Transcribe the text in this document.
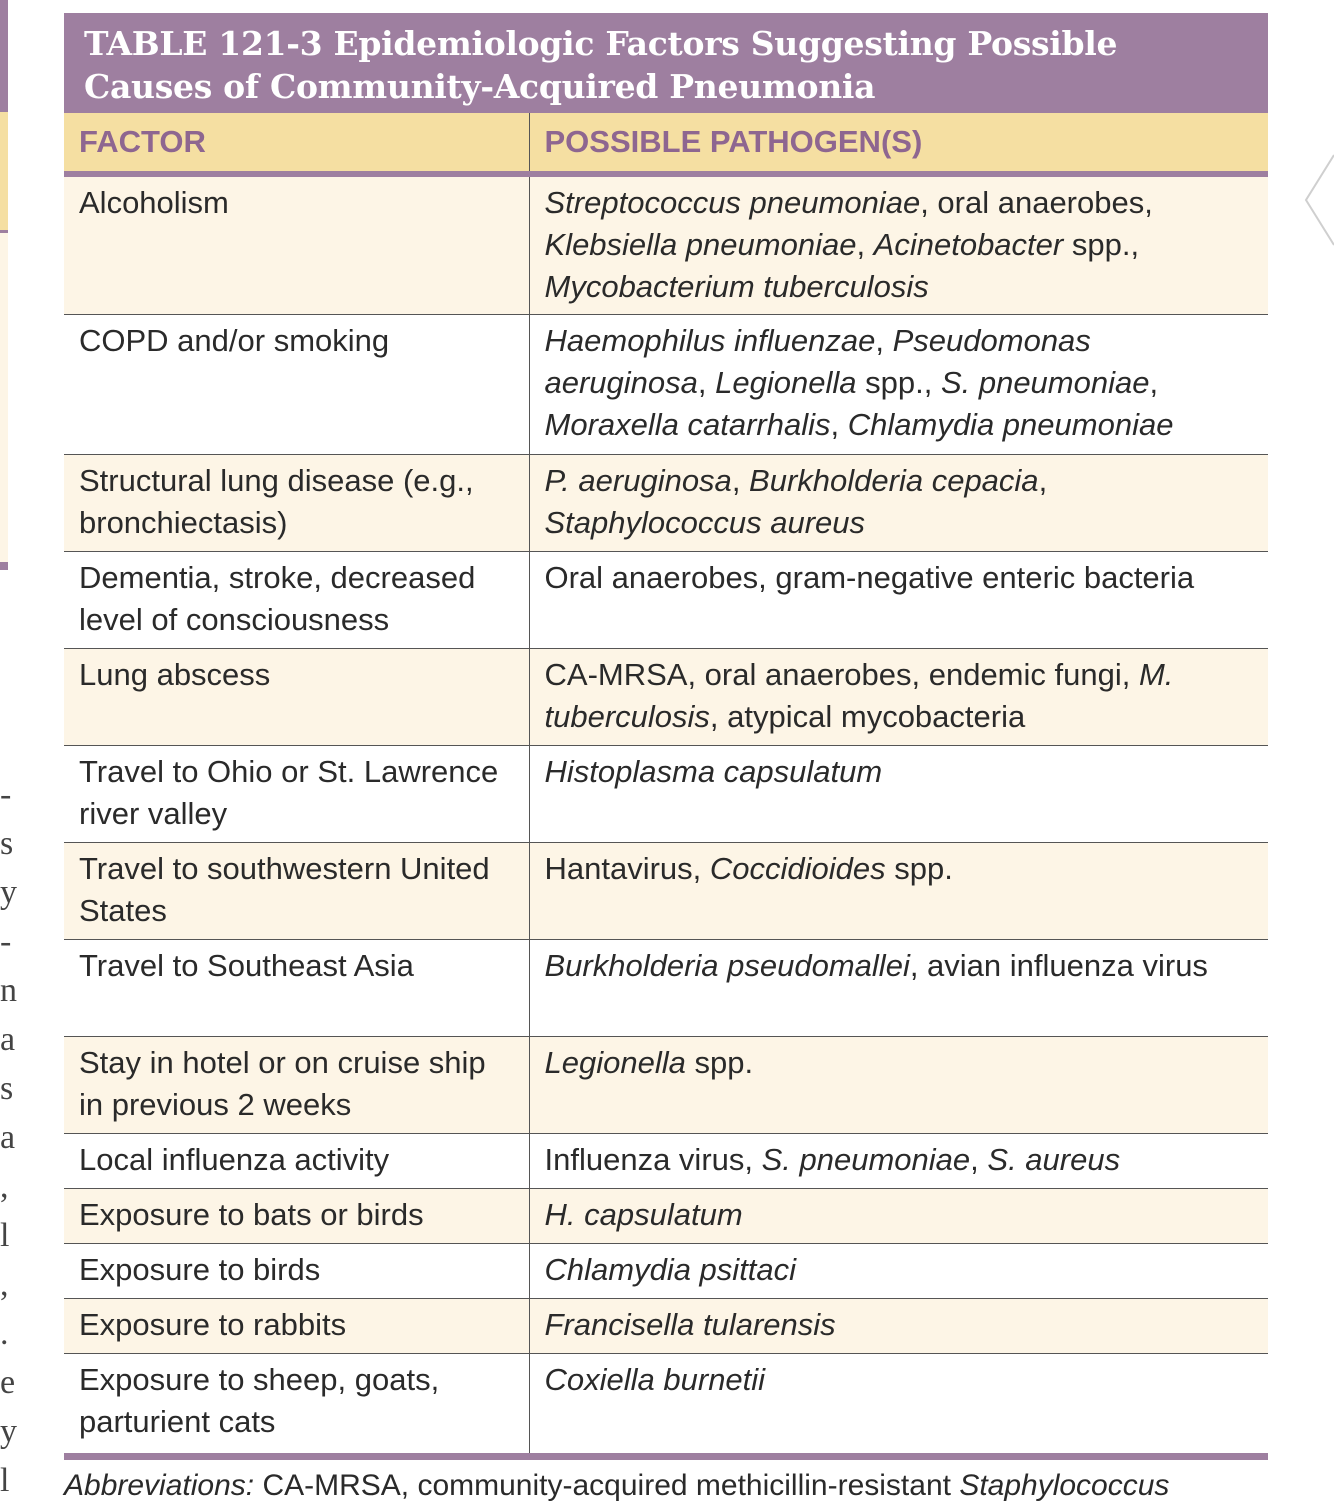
-
s
y
-
n
a
s
a
,
l
,
.
e
y
l
TABLE 121-3 Epidemiologic Factors Suggesting Possible Causes of Community-Acquired Pneumonia
FACTOR	POSSIBLE PATHOGEN(S)
Alcoholism	Streptococcus pneumoniae, oral anaerobes, Klebsiella pneumoniae, Acinetobacter spp., Mycobacterium tuberculosis
COPD and/or smoking	Haemophilus influenzae, Pseudomonas aeruginosa, Legionella spp., S. pneumoniae, Moraxella catarrhalis, Chlamydia pneumoniae
Structural lung disease (e.g., bronchiectasis)	P. aeruginosa, Burkholderia cepacia, Staphylococcus aureus
Dementia, stroke, decreased level of consciousness	Oral anaerobes, gram-negative enteric bacteria
Lung abscess	CA-MRSA, oral anaerobes, endemic fungi, M. tuberculosis, atypical mycobacteria
Travel to Ohio or St. Lawrence river valley	Histoplasma capsulatum
Travel to southwestern United States	Hantavirus, Coccidioides spp.
Travel to Southeast Asia	Burkholderia pseudomallei, avian influenza virus
Stay in hotel or on cruise ship in previous 2 weeks	Legionella spp.
Local influenza activity	Influenza virus, S. pneumoniae, S. aureus
Exposure to bats or birds	H. capsulatum
Exposure to birds	Chlamydia psittaci
Exposure to rabbits	Francisella tularensis
Exposure to sheep, goats, parturient cats	Coxiella burnetii
Abbreviations: CA-MRSA, community-acquired methicillin-resistant Staphylococcus
